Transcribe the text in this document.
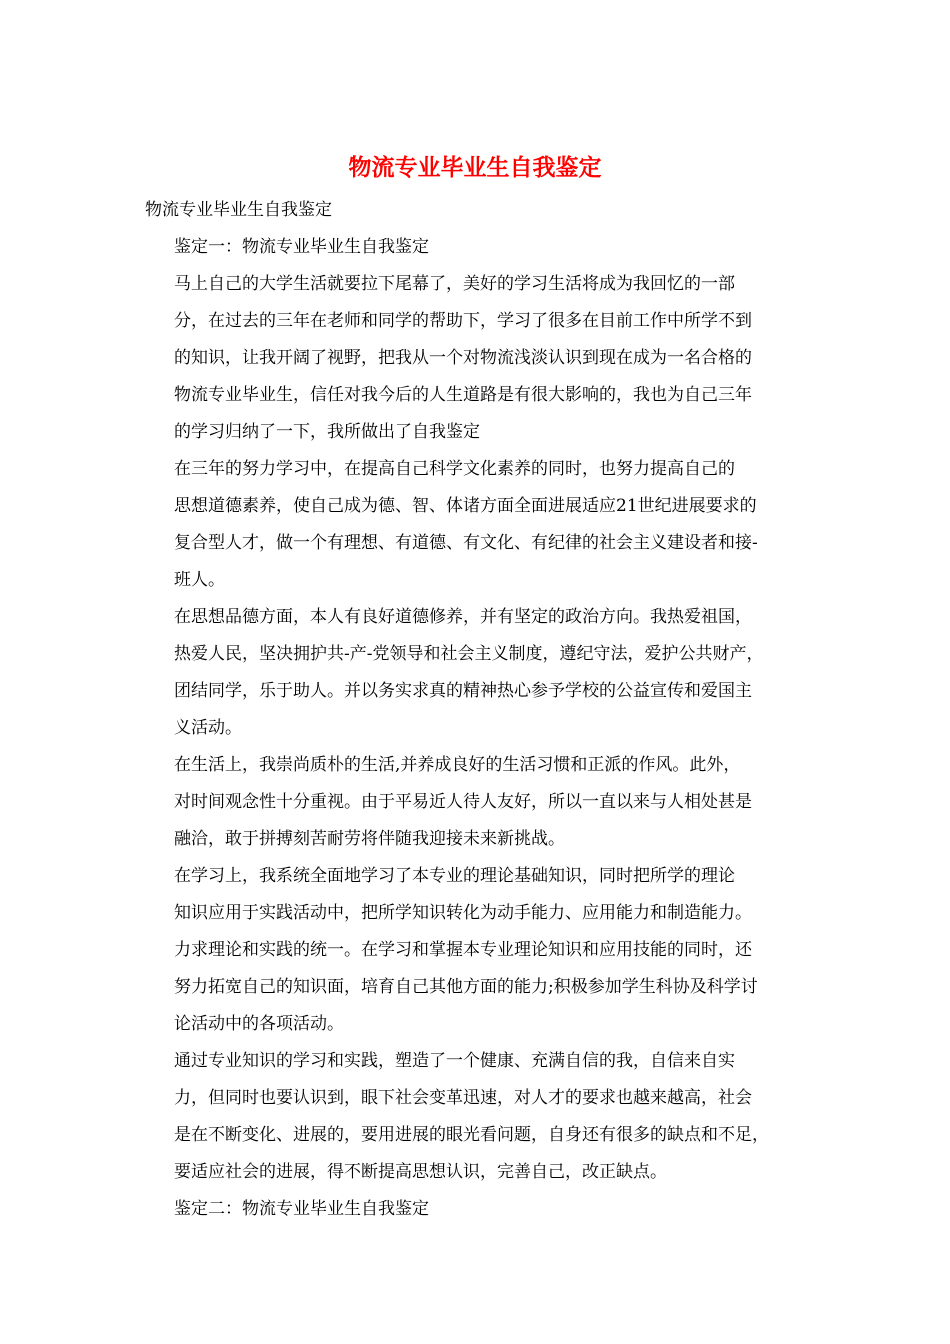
物流专业毕业生自我鉴定

物流专业毕业生自我鉴定

鉴定一：物流专业毕业生自我鉴定

马上自己的大学生活就要拉下尾幕了，美好的学习生活将成为我回忆的一部
分，在过去的三年在老师和同学的帮助下，学习了很多在目前工作中所学不到
的知识，让我开阔了视野，把我从一个对物流浅淡认识到现在成为一名合格的
物流专业毕业生，信任对我今后的人生道路是有很大影响的，我也为自己三年
的学习归纳了一下，我所做出了自我鉴定

在三年的努力学习中，在提高自己科学文化素养的同时，也努力提高自己的
思想道德素养，使自己成为德、智、体诸方面全面进展适应21世纪进展要求的
复合型人才，做一个有理想、有道德、有文化、有纪律的社会主义建设者和接-
班人。

在思想品德方面，本人有良好道德修养，并有坚定的政治方向。我热爱祖国，
热爱人民，坚决拥护共-产-党领导和社会主义制度，遵纪守法，爱护公共财产，
团结同学，乐于助人。并以务实求真的精神热心参予学校的公益宣传和爱国主
义活动。

在生活上，我崇尚质朴的生活,并养成良好的生活习惯和正派的作风。此外，
对时间观念性十分重视。由于平易近人待人友好，所以一直以来与人相处甚是
融洽，敢于拼搏刻苦耐劳将伴随我迎接未来新挑战。

在学习上，我系统全面地学习了本专业的理论基础知识，同时把所学的理论
知识应用于实践活动中，把所学知识转化为动手能力、应用能力和制造能力。
力求理论和实践的统一。在学习和掌握本专业理论知识和应用技能的同时，还
努力拓宽自己的知识面，培育自己其他方面的能力;积极参加学生科协及科学讨
论活动中的各项活动。

通过专业知识的学习和实践，塑造了一个健康、充满自信的我，自信来自实
力，但同时也要认识到，眼下社会变革迅速，对人才的要求也越来越高，社会
是在不断变化、进展的，要用进展的眼光看问题，自身还有很多的缺点和不足，
要适应社会的进展，得不断提高思想认识，完善自己，改正缺点。

鉴定二：物流专业毕业生自我鉴定
